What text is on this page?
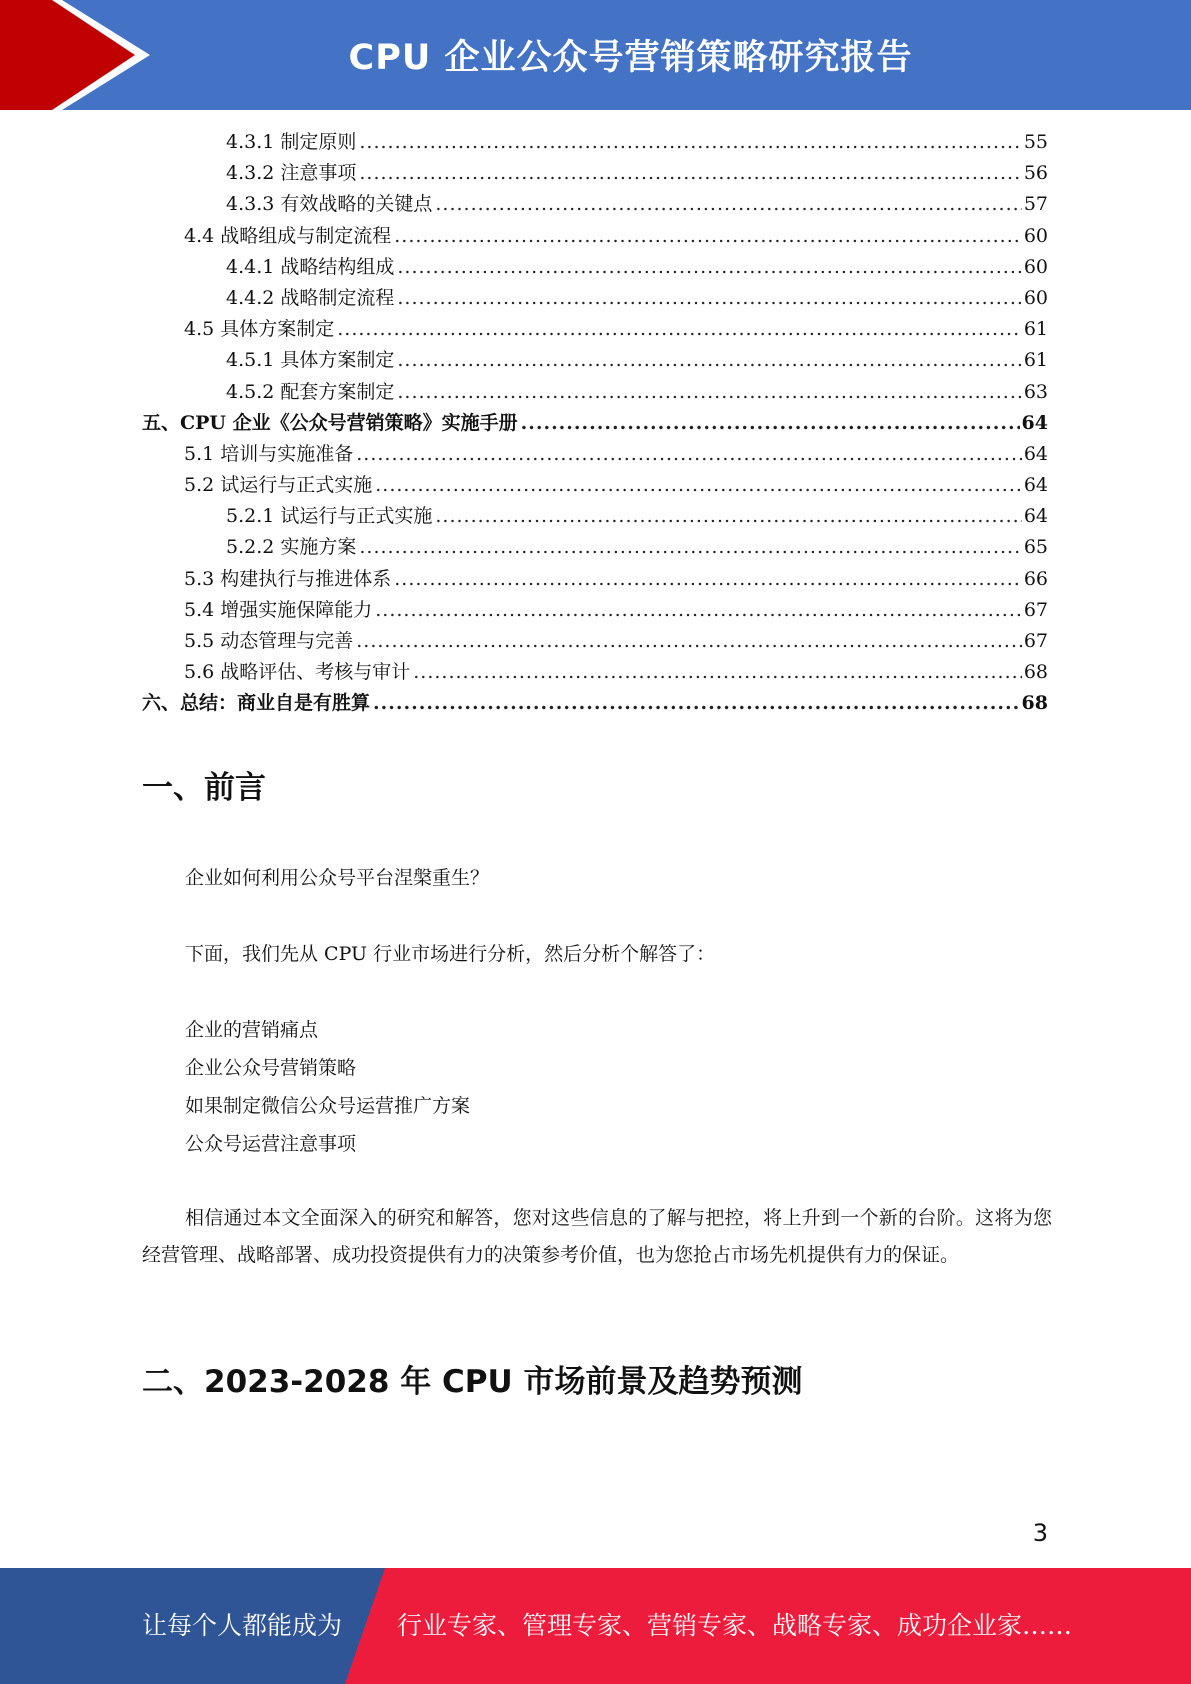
CPU 企业公众号营销策略研究报告
4.3.1 制定原则 .....	55
4.3.2 注意事项 .....	56
4.3.3 有效战略的关键点 .....	57
4.4 战略组成与制定流程 .....	60
4.4.1 战略结构组成 .....	60
4.4.2 战略制定流程 .....	60
4.5 具体方案制定 .....	61
4.5.1 具体方案制定 .....	61
4.5.2 配套方案制定 .....	63
五、CPU 企业《公众号营销策略》实施手册 .....	64
5.1 培训与实施准备 .....	64
5.2 试运行与正式实施 .....	64
5.2.1 试运行与正式实施 .....	64
5.2.2 实施方案 .....	65
5.3 构建执行与推进体系 .....	66
5.4 增强实施保障能力 .....	67
5.5 动态管理与完善 .....	67
5.6 战略评估、考核与审计 .....	68
六、总结：商业自是有胜算 .....	68
一、前言
企业如何利用公众号平台涅槃重生？
下面，我们先从 CPU 行业市场进行分析，然后分析个解答了：
企业的营销痛点
企业公众号营销策略
如果制定微信公众号运营推广方案
公众号运营注意事项
相信通过本文全面深入的研究和解答，您对这些信息的了解与把控，将上升到一个新的台阶。这将为您经营管理、战略部署、成功投资提供有力的决策参考价值，也为您抢占市场先机提供有力的保证。
二、2023-2028 年 CPU 市场前景及趋势预测
3
让每个人都能成为 行业专家、管理专家、营销专家、战略专家、成功企业家……
